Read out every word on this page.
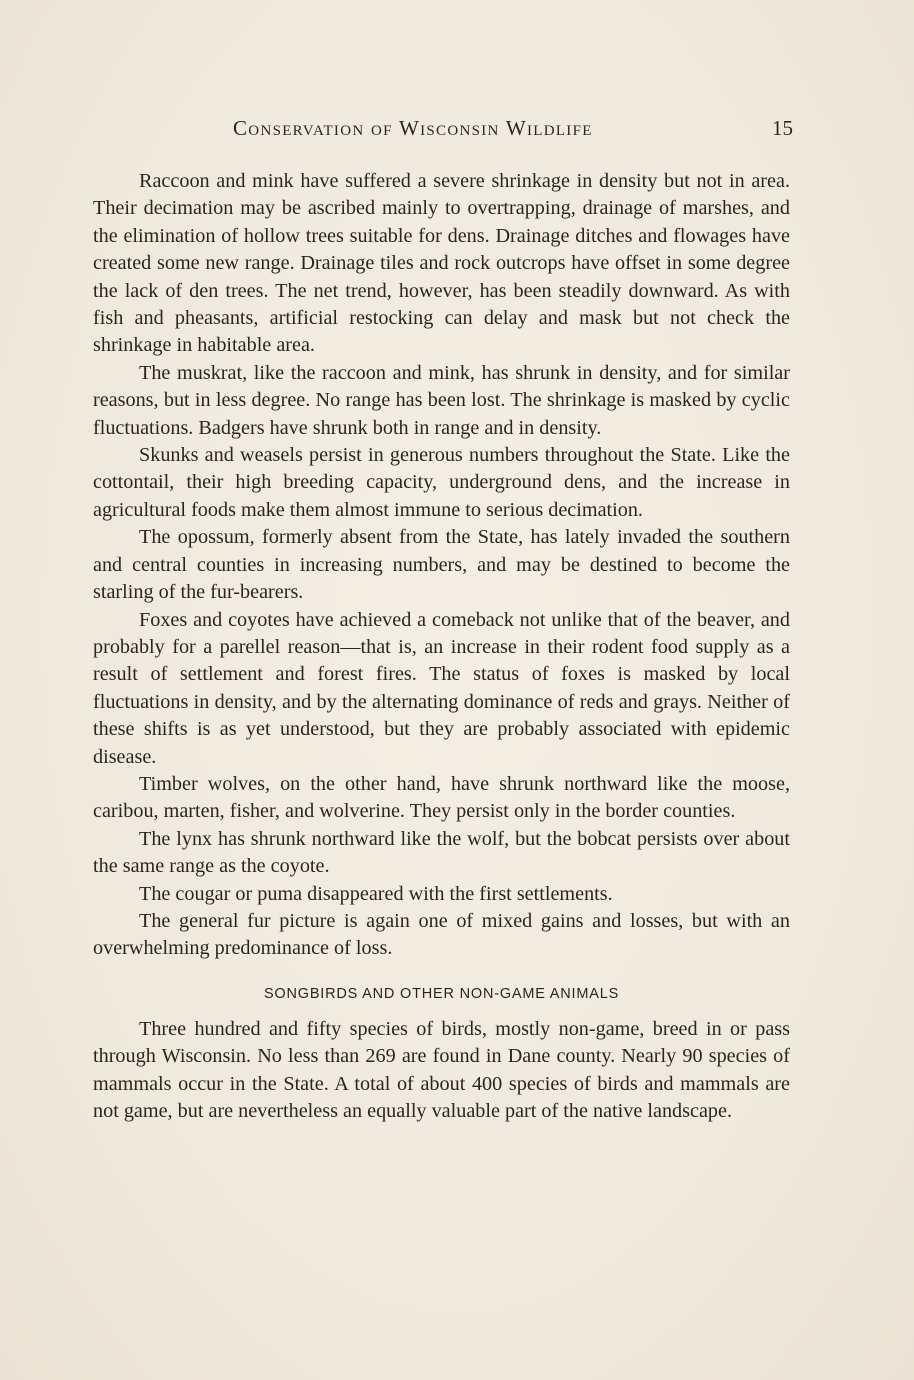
Conservation of Wisconsin Wildlife	15

Raccoon and mink have suffered a severe shrinkage in density but not in area. Their decimation may be ascribed mainly to overtrapping, drainage of marshes, and the elimination of hollow trees suitable for dens. Drainage ditches and flowages have created some new range. Drainage tiles and rock outcrops have offset in some degree the lack of den trees. The net trend, however, has been steadily downward. As with fish and pheasants, artificial restocking can delay and mask but not check the shrinkage in habitable area.

The muskrat, like the raccoon and mink, has shrunk in density, and for similar reasons, but in less degree. No range has been lost. The shrinkage is masked by cyclic fluctuations. Badgers have shrunk both in range and in density.

Skunks and weasels persist in generous numbers throughout the State. Like the cottontail, their high breeding capacity, underground dens, and the increase in agricultural foods make them almost immune to serious decimation.

The opossum, formerly absent from the State, has lately invaded the southern and central counties in increasing numbers, and may be destined to become the starling of the fur-bearers.

Foxes and coyotes have achieved a comeback not unlike that of the beaver, and probably for a parellel reason—that is, an increase in their rodent food supply as a result of settlement and forest fires. The status of foxes is masked by local fluctuations in density, and by the alternating dominance of reds and grays. Neither of these shifts is as yet understood, but they are probably associated with epidemic disease.

Timber wolves, on the other hand, have shrunk northward like the moose, caribou, marten, fisher, and wolverine. They persist only in the border counties.

The lynx has shrunk northward like the wolf, but the bobcat persists over about the same range as the coyote.

The cougar or puma disappeared with the first settlements.

The general fur picture is again one of mixed gains and losses, but with an overwhelming predominance of loss.

SONGBIRDS AND OTHER NON-GAME ANIMALS

Three hundred and fifty species of birds, mostly non-game, breed in or pass through Wisconsin. No less than 269 are found in Dane county. Nearly 90 species of mammals occur in the State. A total of about 400 species of birds and mammals are not game, but are nevertheless an equally valuable part of the native landscape.
